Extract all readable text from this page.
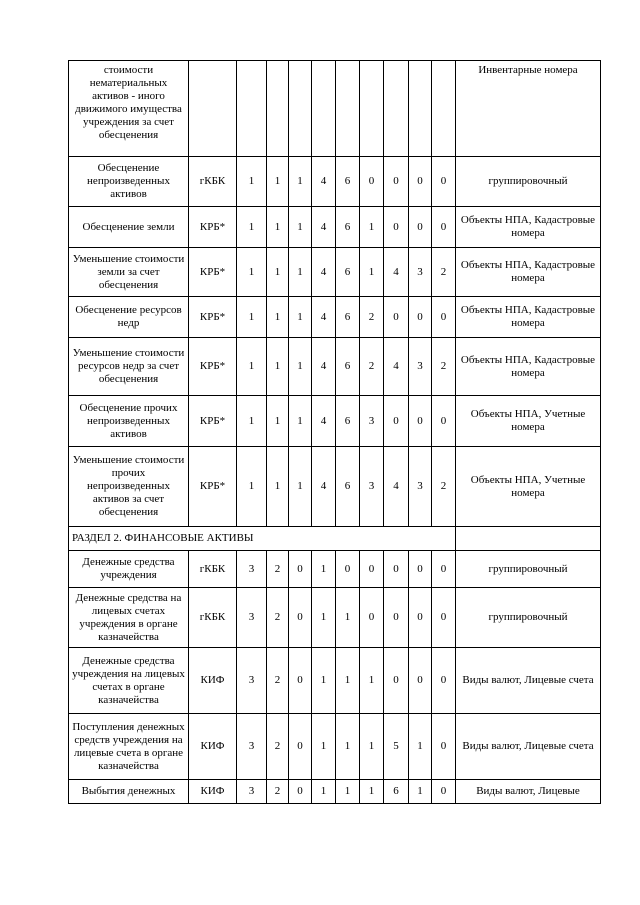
стоимости нематериальных активов - иного движимого имущества учреждения за счет обесценения											Инвентарные номера
Обесценение непроизведенных активов	гКБК	1	1	1	4	6	0	0	0	0	группировочный
Обесценение земли	КРБ*	1	1	1	4	6	1	0	0	0	Объекты НПА, Кадастровые номера
Уменьшение стоимости земли за счет обесценения	КРБ*	1	1	1	4	6	1	4	3	2	Объекты НПА, Кадастровые номера
Обесценение ресурсов недр	КРБ*	1	1	1	4	6	2	0	0	0	Объекты НПА, Кадастровые номера
Уменьшение стоимости ресурсов недр за счет обесценения	КРБ*	1	1	1	4	6	2	4	3	2	Объекты НПА, Кадастровые номера
Обесценение прочих непроизведенных активов	КРБ*	1	1	1	4	6	3	0	0	0	Объекты НПА, Учетные номера
Уменьшение стоимости прочих непроизведенных активов за счет обесценения	КРБ*	1	1	1	4	6	3	4	3	2	Объекты НПА, Учетные номера
РАЗДЕЛ 2. ФИНАНСОВЫЕ АКТИВЫ											
Денежные средства учреждения	гКБК	3	2	0	1	0	0	0	0	0	группировочный
Денежные средства на лицевых счетах учреждения в органе казначейства	гКБК	3	2	0	1	1	0	0	0	0	группировочный
Денежные средства учреждения на лицевых счетах в органе казначейства	КИФ	3	2	0	1	1	1	0	0	0	Виды валют, Лицевые счета
Поступления денежных средств учреждения на лицевые счета в органе казначейства	КИФ	3	2	0	1	1	1	5	1	0	Виды валют, Лицевые счета
Выбытия денежных	КИФ	3	2	0	1	1	1	6	1	0	Виды валют, Лицевые
